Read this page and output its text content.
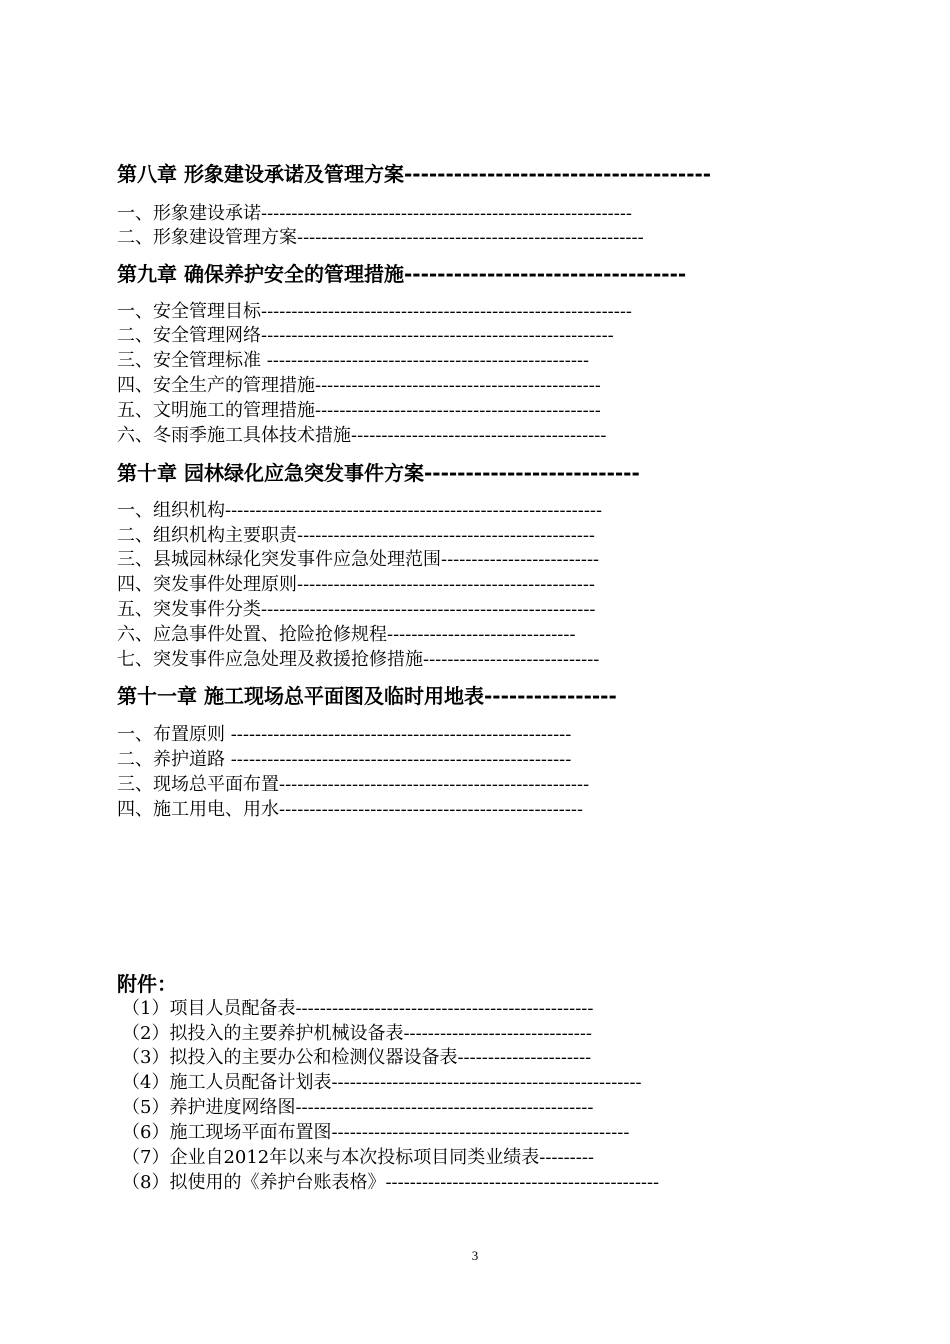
第八章 形象建设承诺及管理方案-------------------------------------
一、形象建设承诺-------------------------------------------------------------
二、形象建设管理方案---------------------------------------------------------
第九章 确保养护安全的管理措施----------------------------------
一、安全管理目标-------------------------------------------------------------
二、安全管理网络----------------------------------------------------------
三、安全管理标准 -----------------------------------------------------
四、安全生产的管理措施-----------------------------------------------
五、文明施工的管理措施-----------------------------------------------
六、冬雨季施工具体技术措施------------------------------------------
第十章 园林绿化应急突发事件方案--------------------------
一、组织机构--------------------------------------------------------------
二、组织机构主要职责-------------------------------------------------
三、县城园林绿化突发事件应急处理范围--------------------------
四、突发事件处理原则-------------------------------------------------
五、突发事件分类-------------------------------------------------------
六、应急事件处置、抢险抢修规程-------------------------------
七、突发事件应急处理及救援抢修措施-----------------------------
第十一章 施工现场总平面图及临时用地表----------------
一、布置原则 --------------------------------------------------------
二、养护道路 --------------------------------------------------------
三、现场总平面布置---------------------------------------------------
四、施工用电、用水--------------------------------------------------
附件：
（1）项目人员配备表-------------------------------------------------
（2）拟投入的主要养护机械设备表-------------------------------
（3）拟投入的主要办公和检测仪器设备表----------------------
（4）施工人员配备计划表---------------------------------------------------
（5）养护进度网络图-------------------------------------------------
（6）施工现场平面布置图-------------------------------------------------
（7）企业自2012年以来与本次投标项目同类业绩表---------
（8）拟使用的《养护台账表格》---------------------------------------------
3
